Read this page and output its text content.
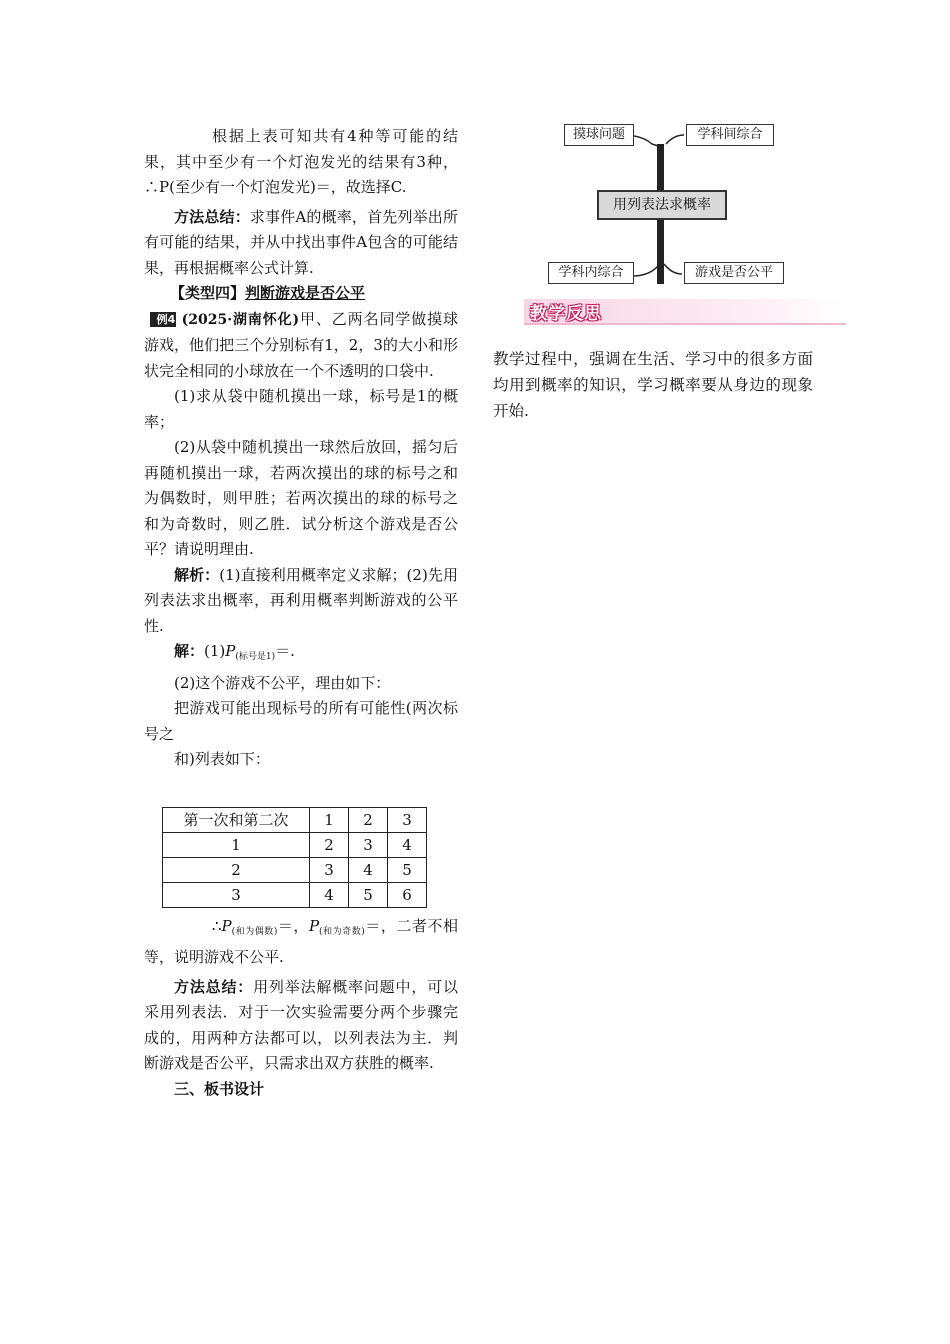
根据上表可知共有4种等可能的结果，其中至少有一个灯泡发光的结果有3种，∴P(至少有一个灯泡发光)＝，故选择C.

方法总结：求事件A的概率，首先列举出所有可能的结果，并从中找出事件A包含的可能结果，再根据概率公式计算.

【类型四】判断游戏是否公平

例4 (2025·湖南怀化)甲、乙两名同学做摸球游戏，他们把三个分别标有1，2，3的大小和形状完全相同的小球放在一个不透明的口袋中.

(1)求从袋中随机摸出一球，标号是1的概率；

(2)从袋中随机摸出一球然后放回，摇匀后再随机摸出一球，若两次摸出的球的标号之和为偶数时，则甲胜；若两次摸出的球的标号之和为奇数时，则乙胜．试分析这个游戏是否公平？请说明理由.

解析：(1)直接利用概率定义求解；(2)先用列表法求出概率，再利用概率判断游戏的公平性.

解：$(1)P_{(标号是1)}=$.

(2)这个游戏不公平，理由如下：

把游戏可能出现标号的所有可能性(两次标号之

和)列表如下：

第一次和第二次	1	2	3
1	2	3	4
2	3	4	5
3	4	5	6

$\therefore P_{(和为偶数)}=$，$P_{(和为奇数)}=$，二者不相等，说明游戏不公平.

方法总结：用列举法解概率问题中，可以采用列表法．对于一次实验需要分两个步骤完成的，用两种方法都可以，以列表法为主．判断游戏是否公平，只需求出双方获胜的概率.

三、板书设计

摸球问题	学科间综合
用列表法求概率
学科内综合	游戏是否公平
教学反思

教学过程中，强调在生活、学习中的很多方面均用到概率的知识，学习概率要从身边的现象开始.
